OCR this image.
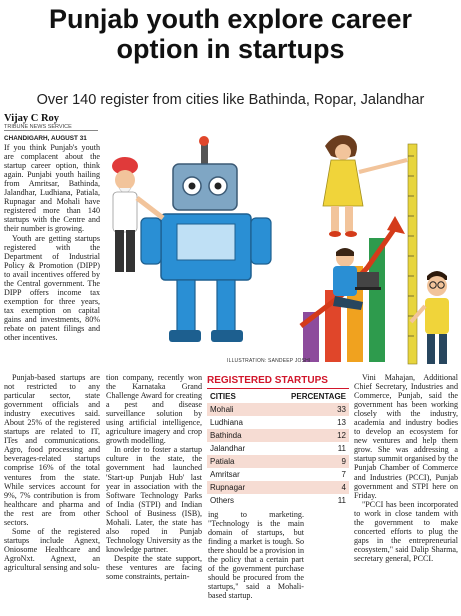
Punjab youth explore career
option in startups
Over 140 register from cities like Bathinda, Ropar, Jalandhar
Vijay C Roy
TRIBUNE NEWS SERVICE

CHANDIGARH, AUGUST 31

If you think Punjab's youth are complacent about the startup career option, think again. Punjabi youth hailing from Amritsar, Bathinda, Jalandhar, Ludhiana, Patiala, Rupnagar and Mohali have registered more than 140 startups with the Centre and their number is growing.

Youth are getting startups registered with the Department of Industrial Policy & Promotion (DIPP) to avail incentives offered by the Central government. The DIPP offers income tax exemption for three years, tax exemption on capital gains and investments, 80% rebate on patent filings and other incentives.

ILLUSTRATION: SANDEEP JOSHI

Punjab-based startups are not restricted to any particular sector, state government officials and industry executives said. About 25% of the registered startups are related to IT, ITes and communications. Agro, food processing and beverages-related startups comprise 16% of the total ventures from the state. While services account for 9%, 7% contribution is from healthcare and pharma and the rest are from other sectors.

Some of the registered startups include Agnext, Oniosome Healthcare and AgroNxt. Agnext, an agricultural sensing and solu-

tion company, recently won the Karnataka Grand Challenge Award for creating a pest and disease surveillance solution by using artificial intelligence, agriculture imagery and crop growth modelling.

In order to foster a startup culture in the state, the government had launched 'Start-up Punjab Hub' last year in association with the Software Technology Parks of India (STPI) and Indian School of Business (ISB), Mohali. Later, the state has also roped in Punjab Technology University as the knowledge partner.

Despite the state support, these ventures are facing some constraints, pertain-

REGISTERED STARTUPS
CITIES	PERCENTAGE
Mohali	33
Ludhiana	13
Bathinda	12
Jalandhar	11
Patiala	9
Amritsar	7
Rupnagar	4
Others	11

ing to marketing. "Technology is the main domain of startups, but finding a market is tough. So there should be a provision in the policy that a certain part of the government purchase should be procured from the startups," said a Mohali-based startup.

Vini Mahajan, Additional Chief Secretary, Industries and Commerce, Punjab, said the government has been working closely with the industry, academia and industry bodies to develop an ecosystem for new ventures and help them grow. She was addressing a startup summit organised by the Punjab Chamber of Commerce and Industries (PCCI), Punjab government and STPI here on Friday.

"PCCI has been incorporated to work in close tandem with the government to make concerted efforts to plug the gaps in the entrepreneurial ecosystem," said Dalip Sharma, secretary general, PCCI.
